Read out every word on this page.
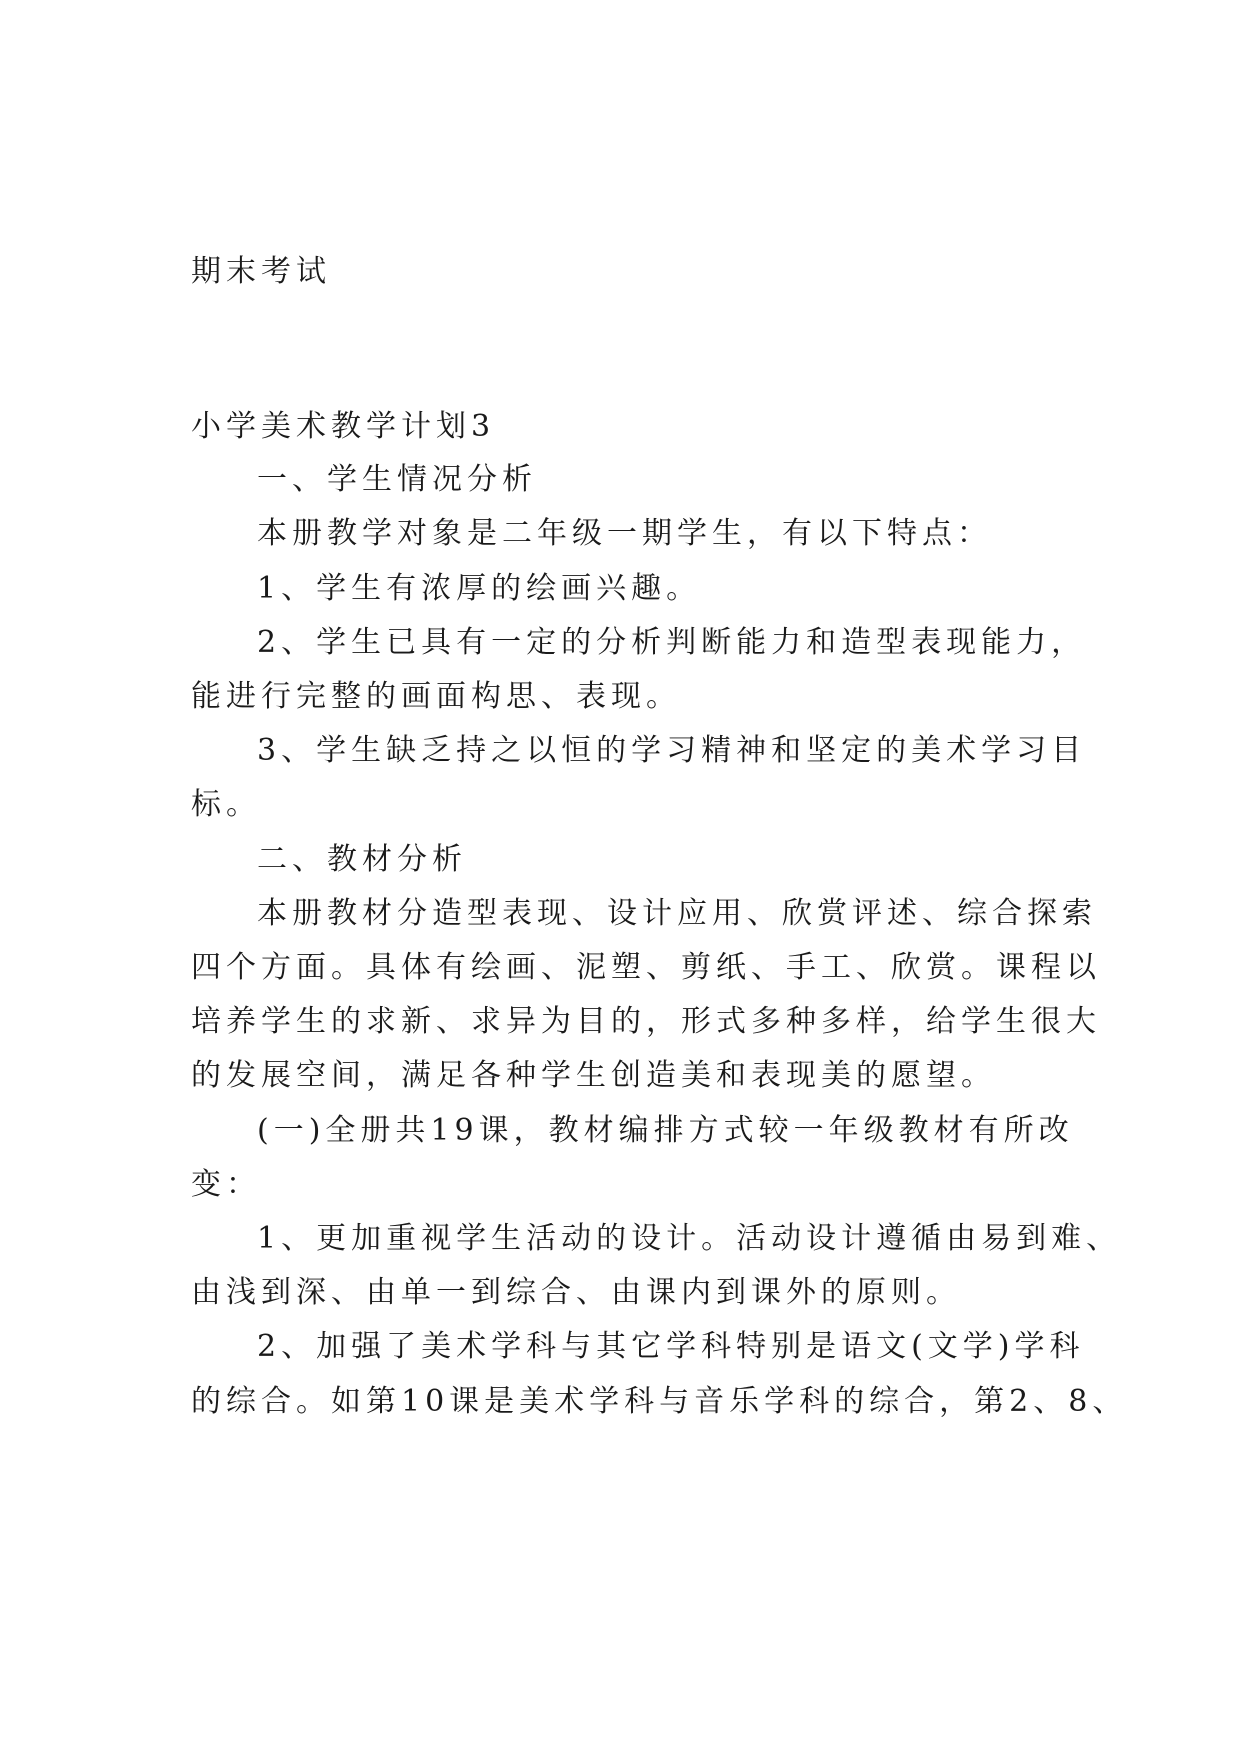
期末考试

小学美术教学计划3

一、学生情况分析

本册教学对象是二年级一期学生，有以下特点：

1、学生有浓厚的绘画兴趣。

2、学生已具有一定的分析判断能力和造型表现能力，

能进行完整的画面构思、表现。

3、学生缺乏持之以恒的学习精神和坚定的美术学习目

标。

二、教材分析

本册教材分造型表现、设计应用、欣赏评述、综合探索

四个方面。具体有绘画、泥塑、剪纸、手工、欣赏。课程以

培养学生的求新、求异为目的，形式多种多样，给学生很大

的发展空间，满足各种学生创造美和表现美的愿望。

(一)全册共19课，教材编排方式较一年级教材有所改

变：

1、更加重视学生活动的设计。活动设计遵循由易到难、

由浅到深、由单一到综合、由课内到课外的原则。

2、加强了美术学科与其它学科特别是语文(文学)学科

的综合。如第10课是美术学科与音乐学科的综合，第2、8、
